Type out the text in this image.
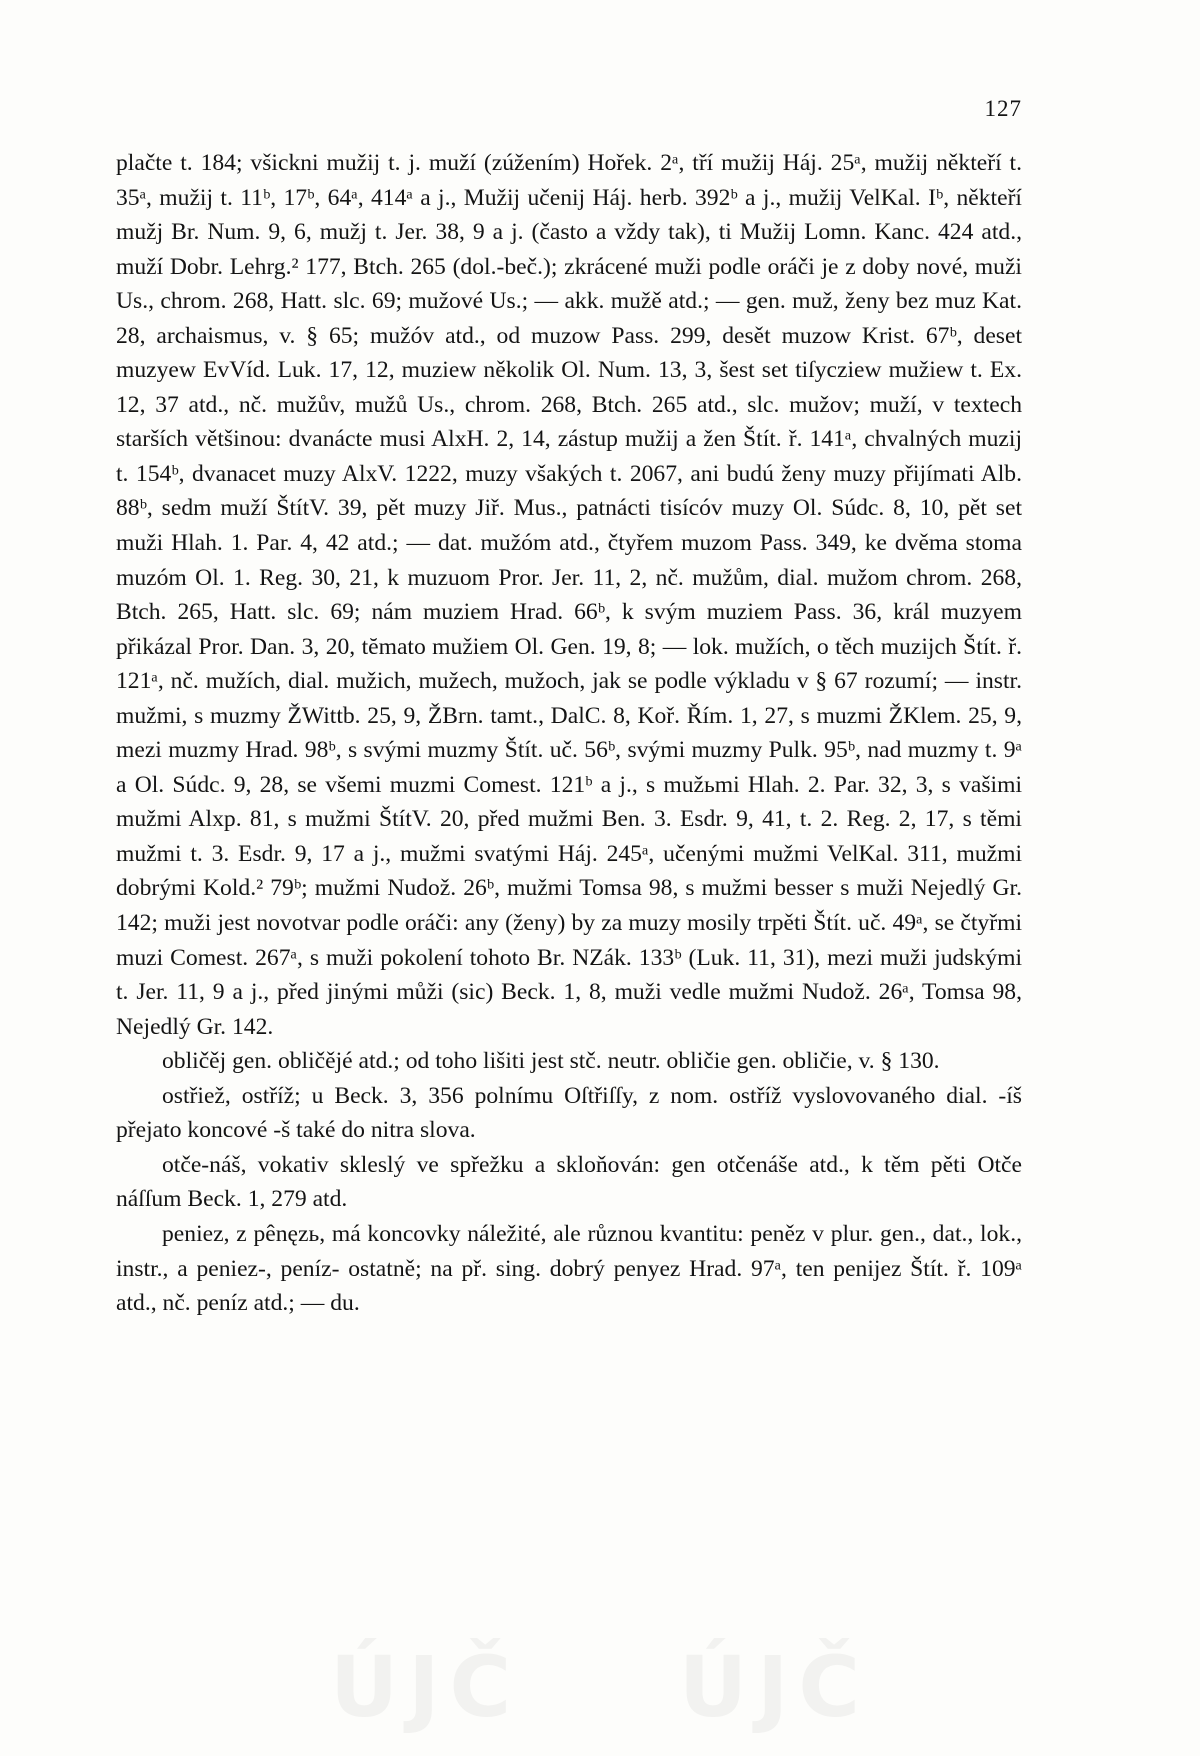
127

plačte t. 184; všickni mužij t. j. muží (zúžením) Hořek. 2ᵃ, tří mužij Háj. 25ᵃ, mužij někteří t. 35ᵃ, mužij t. 11ᵇ, 17ᵇ, 64ᵃ, 414ᵃ a j., Mužij učenij Háj. herb. 392ᵇ a j., mužij VelKal. Iᵇ, někteří mužj Br. Num. 9, 6, mužj t. Jer. 38, 9 a j. (často a vždy tak), ti Mužij Lomn. Kanc. 424 atd., muží Dobr. Lehrg.² 177, Btch. 265 (dol.-beč.); zkrácené muži podle oráči je z doby nové, muži Us., chrom. 268, Hatt. slc. 69; mužové Us.; — akk. mužě atd.; — gen. muž, ženy bez muz Kat. 28, archaismus, v. § 65; mužóv atd., od muzow Pass. 299, desět muzow Krist. 67ᵇ, deset muzyew EvVíd. Luk. 17, 12, muziew několik Ol. Num. 13, 3, šest set tiſycziew mužiew t. Ex. 12, 37 atd., nč. mužův, mužů Us., chrom. 268, Btch. 265 atd., slc. mužov; muží, v textech starších většinou: dvanácte musi AlxH. 2, 14, zástup mužij a žen Štít. ř. 141ᵃ, chvalných muzij t. 154ᵇ, dvanacet muzy AlxV. 1222, muzy všakých t. 2067, ani budú ženy muzy přijímati Alb. 88ᵇ, sedm muží ŠtítV. 39, pět muzy Jiř. Mus., patnácti tisícóv muzy Ol. Súdc. 8, 10, pět set muži Hlah. 1. Par. 4, 42 atd.; — dat. mužóm atd., čtyřem muzom Pass. 349, ke dvěma stoma muzóm Ol. 1. Reg. 30, 21, k muzuom Pror. Jer. 11, 2, nč. mužům, dial. mužom chrom. 268, Btch. 265, Hatt. slc. 69; nám muziem Hrad. 66ᵇ, k svým muziem Pass. 36, král muzyem přikázal Pror. Dan. 3, 20, tĕmato mužiem Ol. Gen. 19, 8; — lok. mužích, o těch muzijch Štít. ř. 121ᵃ, nč. mužích, dial. mužich, mužech, mužoch, jak se podle výkladu v § 67 rozumí; — instr. mužmi, s muzmy ŽWittb. 25, 9, ŽBrn. tamt., DalC. 8, Koř. Řím. 1, 27, s muzmi ŽKlem. 25, 9, mezi muzmy Hrad. 98ᵇ, s svými muzmy Štít. uč. 56ᵇ, svými muzmy Pulk. 95ᵇ, nad muzmy t. 9ᵃ a Ol. Súdc. 9, 28, se všemi muzmi Comest. 121ᵇ a j., s mužьmi Hlah. 2. Par. 32, 3, s vašimi mužmi Alxp. 81, s mužmi ŠtítV. 20, před mužmi Ben. 3. Esdr. 9, 41, t. 2. Reg. 2, 17, s těmi mužmi t. 3. Esdr. 9, 17 a j., mužmi svatými Háj. 245ᵃ, učenými mužmi VelKal. 311, mužmi dobrými Kold.² 79ᵇ; mužmi Nudož. 26ᵇ, mužmi Tomsa 98, s mužmi besser s muži Nejedlý Gr. 142; muži jest novotvar podle oráči: any (ženy) by za muzy mosily trpěti Štít. uč. 49ᵃ, se čtyřmi muzi Comest. 267ᵃ, s muži pokolení tohoto Br. NZák. 133ᵇ (Luk. 11, 31), mezi muži judskými t. Jer. 11, 9 a j., před jinými můži (sic) Beck. 1, 8, muži vedle mužmi Nudož. 26ᵃ, Tomsa 98, Nejedlý Gr. 142.

obličěj gen. obličějé atd.; od toho lišiti jest stč. neutr. obličie gen. obličie, v. § 130.

ostřiež, ostříž; u Beck. 3, 356 polnímu Oſtřiſſy, z nom. ostříž vyslovovaného dial. -íš přejato koncové -š také do nitra slova.

otče-náš, vokativ skleslý ve spřežku a skloňován: gen otčenáše atd., k těm pěti Otče náſſum Beck. 1, 279 atd.

peniez, z pênęzь, má koncovky náležité, ale různou kvantitu: peněz v plur. gen., dat., lok., instr., a peniez-, peníz- ostatně; na př. sing. dobrý penyez Hrad. 97ᵃ, ten penijez Štít. ř. 109ᵃ atd., nč. peníz atd.; — du.

ÚJČ ÚJČ
